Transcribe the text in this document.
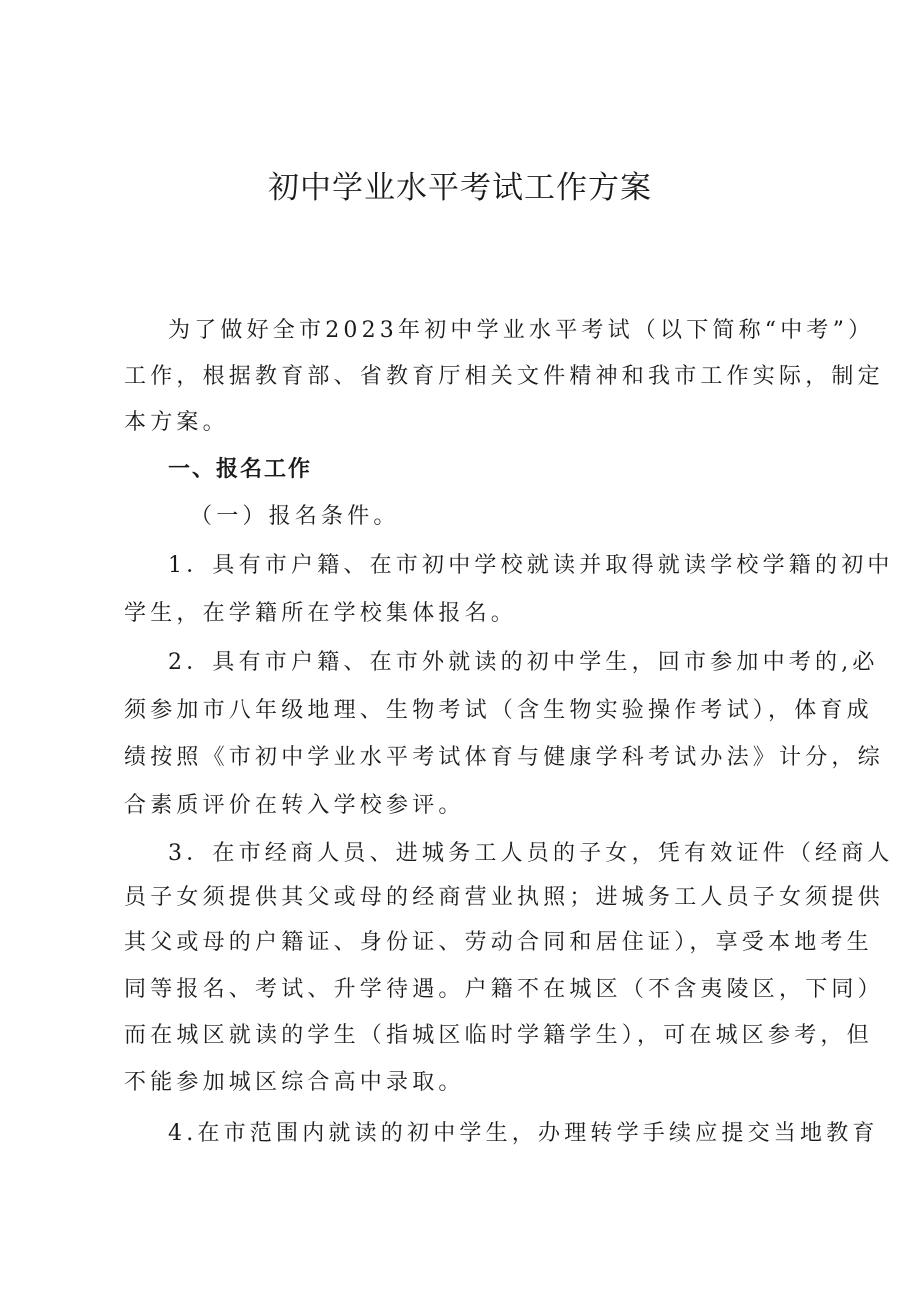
初中学业水平考试工作方案

为了做好全市2023年初中学业水平考试（以下简称“中考”）

工作，根据教育部、省教育厅相关文件精神和我市工作实际，制定

本方案。

一、报名工作

（一）报名条件。

1．具有市户籍、在市初中学校就读并取得就读学校学籍的初中

学生，在学籍所在学校集体报名。

2．具有市户籍、在市外就读的初中学生，回市参加中考的,必

须参加市八年级地理、生物考试（含生物实验操作考试），体育成

绩按照《市初中学业水平考试体育与健康学科考试办法》计分，综

合素质评价在转入学校参评。

3．在市经商人员、进城务工人员的子女，凭有效证件（经商人

员子女须提供其父或母的经商营业执照；进城务工人员子女须提供

其父或母的户籍证、身份证、劳动合同和居住证），享受本地考生

同等报名、考试、升学待遇。户籍不在城区（不含夷陵区，下同）

而在城区就读的学生（指城区临时学籍学生），可在城区参考，但

不能参加城区综合高中录取。

4.在市范围内就读的初中学生，办理转学手续应提交当地教育
